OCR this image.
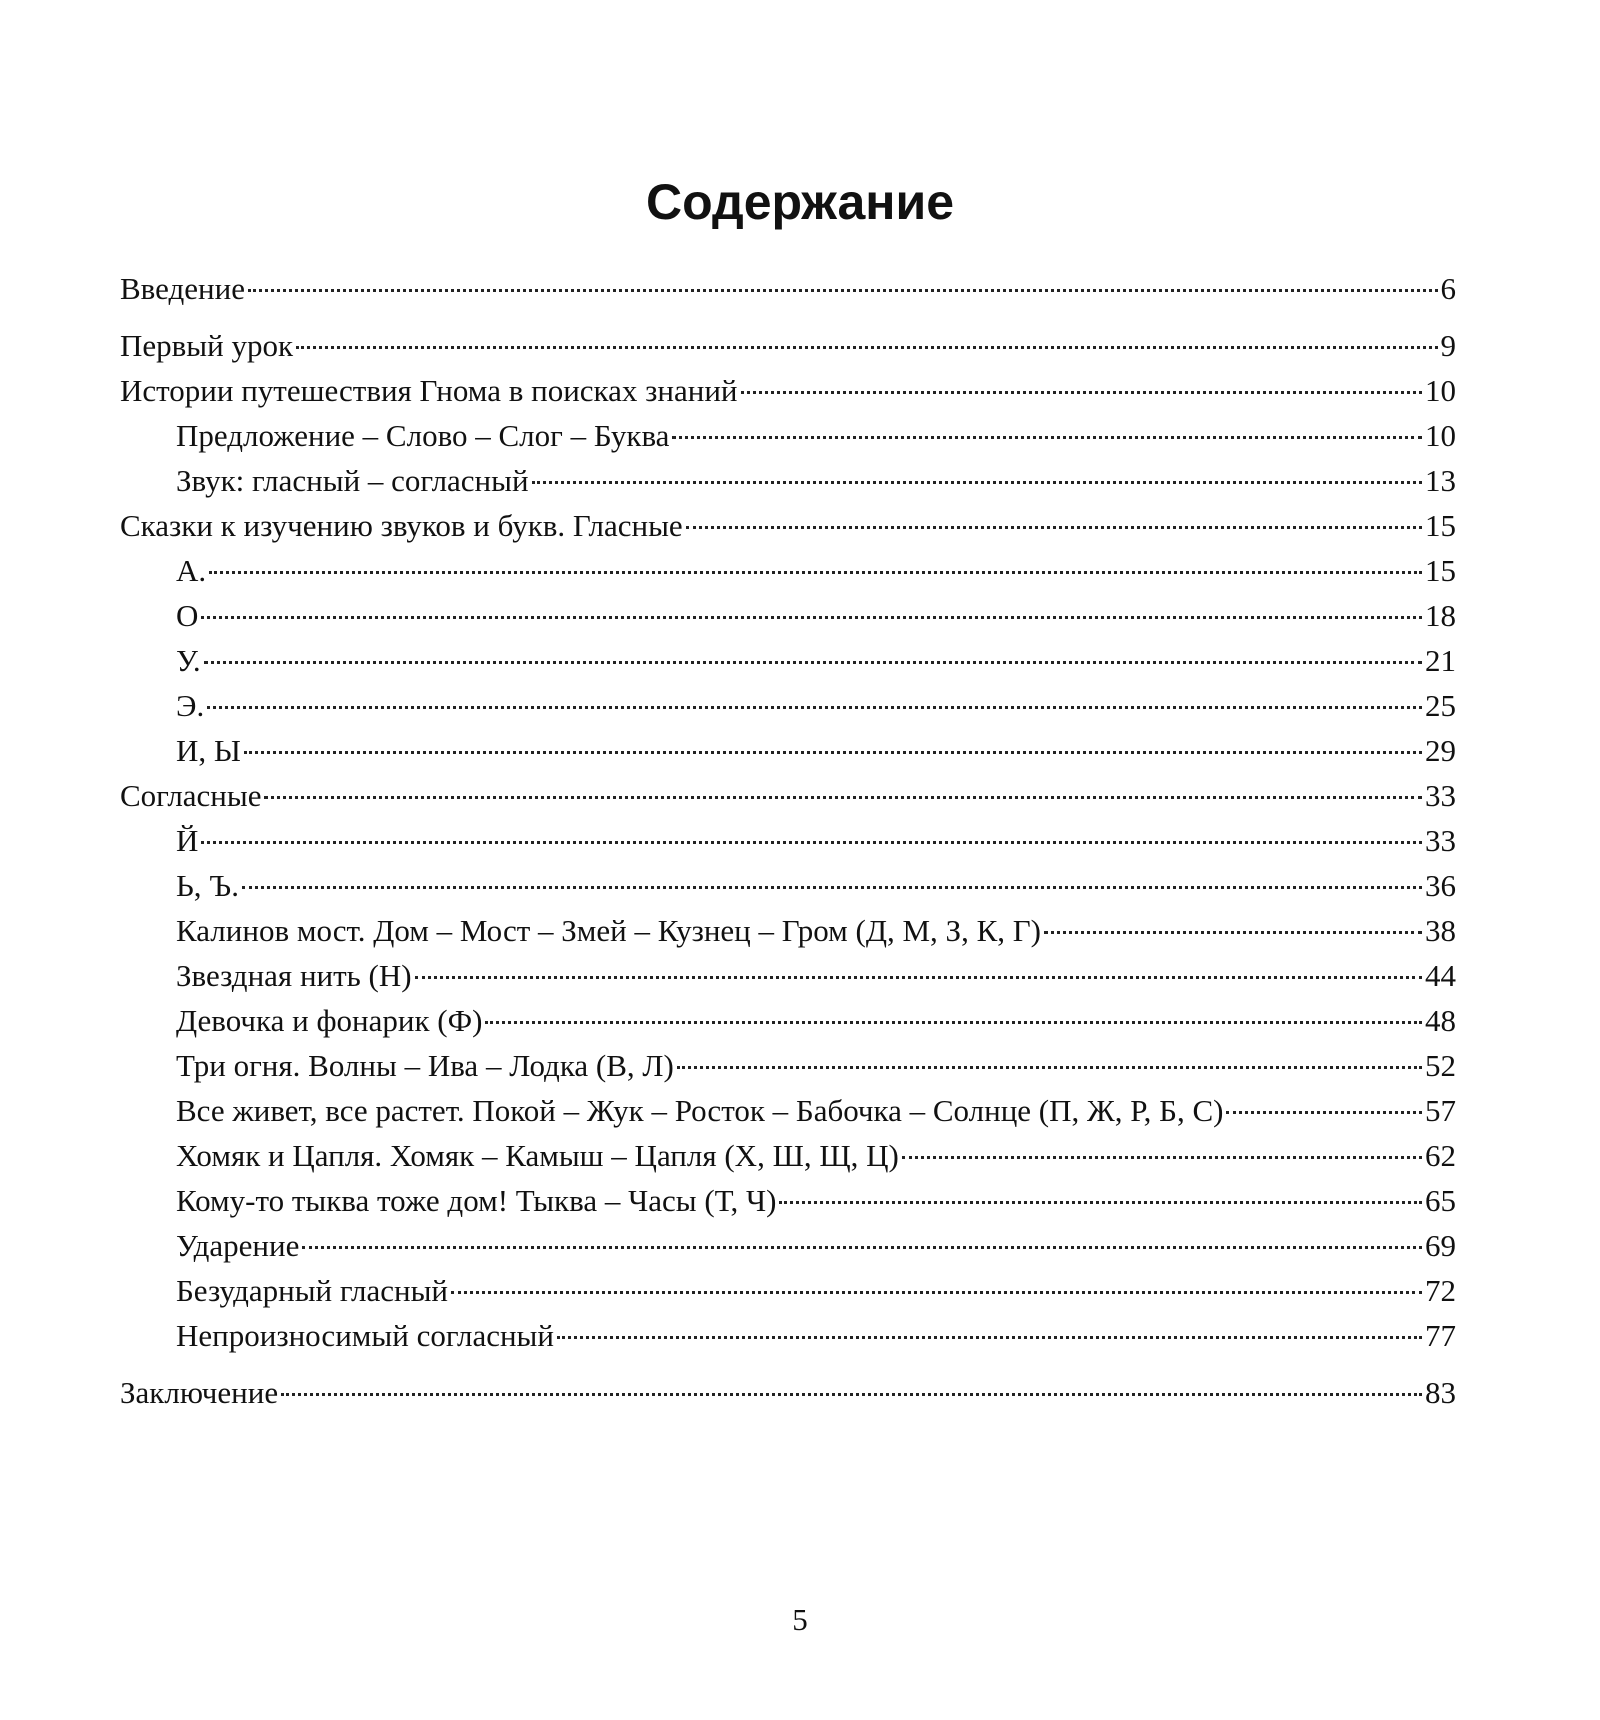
Содержание
Введение	6
Первый урок	9
Истории путешествия Гнома в поисках знаний	10
Предложение – Слово – Слог – Буква	10
Звук: гласный – согласный	13
Сказки к изучению звуков и букв. Гласные	15
А.	15
О	18
У.	21
Э.	25
И, Ы	29
Согласные	33
Й	33
Ь, Ъ.	36
Калинов мост. Дом – Мост – Змей – Кузнец – Гром (Д, М, З, К, Г)	38
Звездная нить (Н)	44
Девочка и фонарик (Ф)	48
Три огня. Волны – Ива – Лодка (В, Л)	52
Все живет, все растет. Покой – Жук – Росток – Бабочка – Солнце (П, Ж, Р, Б, С)	57
Хомяк и Цапля. Хомяк – Камыш – Цапля (Х, Ш, Щ, Ц)	62
Кому-то тыква тоже дом! Тыква – Часы (Т, Ч)	65
Ударение	69
Безударный гласный	72
Непроизносимый согласный	77
Заключение	83
5
